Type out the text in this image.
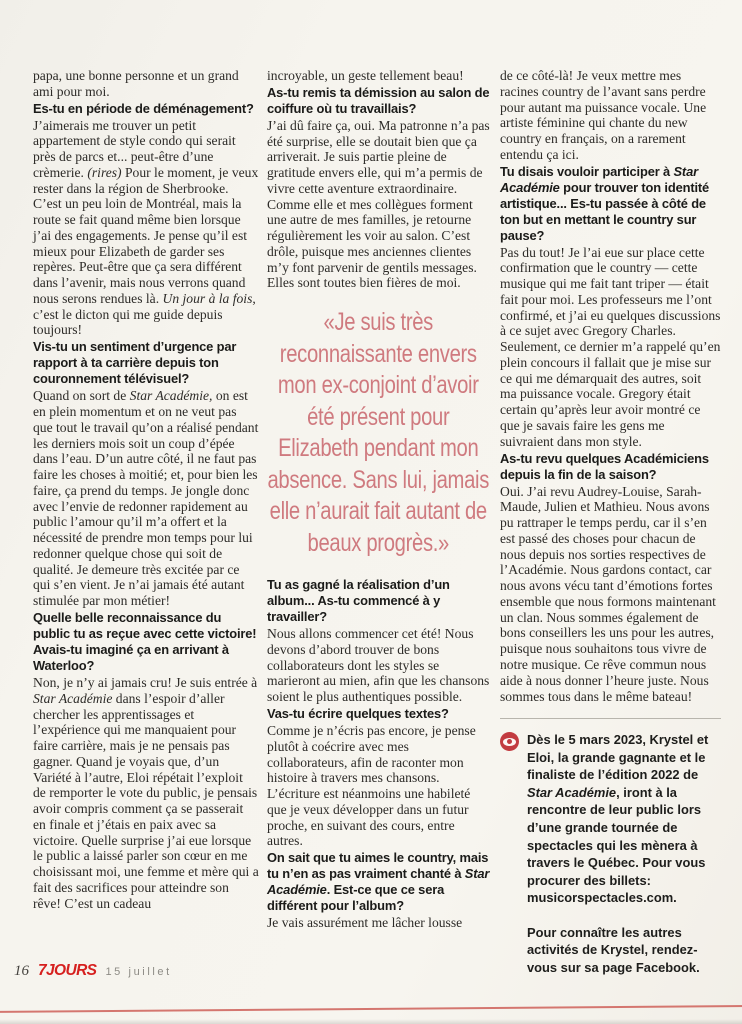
papa, une bonne personne et un grand ami pour moi.

Es-tu en période de déménagement?

J’aimerais me trouver un petit appartement de style condo qui serait près de parcs et... peut-être d’une crèmerie. (rires) Pour le moment, je veux rester dans la région de Sherbrooke. C’est un peu loin de Montréal, mais la route se fait quand même bien lorsque j’ai des engagements. Je pense qu’il est mieux pour Elizabeth de garder ses repères. Peut-être que ça sera différent dans l’avenir, mais nous verrons quand nous serons rendues là. Un jour à la fois, c’est le dicton qui me guide depuis toujours!

Vis-tu un sentiment d’urgence par rapport à ta carrière depuis ton couronnement télévisuel?

Quand on sort de Star Académie, on est en plein momentum et on ne veut pas que tout le travail qu’on a réalisé pendant les derniers mois soit un coup d’épée dans l’eau. D’un autre côté, il ne faut pas faire les choses à moitié; et, pour bien les faire, ça prend du temps. Je jongle donc avec l’envie de redonner rapidement au public l’amour qu’il m’a offert et la nécessité de prendre mon temps pour lui redonner quelque chose qui soit de qualité. Je demeure très excitée par ce qui s’en vient. Je n’ai jamais été autant stimulée par mon métier!

Quelle belle reconnaissance du public tu as reçue avec cette victoire! Avais-tu imaginé ça en arrivant à Waterloo?

Non, je n’y ai jamais cru! Je suis entrée à Star Académie dans l’espoir d’aller chercher les apprentissages et l’expérience qui me manquaient pour faire carrière, mais je ne pensais pas gagner. Quand je voyais que, d’un Variété à l’autre, Eloi répétait l’exploit de remporter le vote du public, je pensais avoir compris comment ça se passerait en finale et j’étais en paix avec sa victoire. Quelle surprise j’ai eue lorsque le public a laissé parler son cœur en me choisissant moi, une femme et mère qui a fait des sacrifices pour atteindre son rêve! C’est un cadeau

incroyable, un geste tellement beau!

As-tu remis ta démission au salon de coiffure où tu travaillais?

J’ai dû faire ça, oui. Ma patronne n’a pas été surprise, elle se doutait bien que ça arriverait. Je suis partie pleine de gratitude envers elle, qui m’a permis de vivre cette aventure extraordinaire. Comme elle et mes collègues forment une autre de mes familles, je retourne régulièrement les voir au salon. C’est drôle, puisque mes anciennes clientes m’y font parvenir de gentils messages. Elles sont toutes bien fières de moi.

«Je suis très reconnaissante envers mon ex-conjoint d’avoir été présent pour Elizabeth pendant mon absence. Sans lui, jamais elle n’aurait fait autant de beaux progrès.»

Tu as gagné la réalisation d’un album... As-tu commencé à y travailler?

Nous allons commencer cet été! Nous devons d’abord trouver de bons collaborateurs dont les styles se marieront au mien, afin que les chansons soient le plus authentiques possible.

Vas-tu écrire quelques textes?

Comme je n’écris pas encore, je pense plutôt à coécrire avec mes collaborateurs, afin de raconter mon histoire à travers mes chansons. L’écriture est néanmoins une habileté que je veux développer dans un futur proche, en suivant des cours, entre autres.

On sait que tu aimes le country, mais tu n’en as pas vraiment chanté à Star Académie. Est-ce que ce sera différent pour l’album?

Je vais assurément me lâcher lousse

de ce côté-là! Je veux mettre mes racines country de l’avant sans perdre pour autant ma puissance vocale. Une artiste féminine qui chante du new country en français, on a rarement entendu ça ici.

Tu disais vouloir participer à Star Académie pour trouver ton identité artistique... Es-tu passée à côté de ton but en mettant le country sur pause?

Pas du tout! Je l’ai eue sur place cette confirmation que le country — cette musique qui me fait tant triper — était fait pour moi. Les professeurs me l’ont confirmé, et j’ai eu quelques discussions à ce sujet avec Gregory Charles. Seulement, ce dernier m’a rappelé qu’en plein concours il fallait que je mise sur ce qui me démarquait des autres, soit ma puissance vocale. Gregory était certain qu’après leur avoir montré ce que je savais faire les gens me suivraient dans mon style.

As-tu revu quelques Académiciens depuis la fin de la saison?

Oui. J’ai revu Audrey-Louise, Sarah-Maude, Julien et Mathieu. Nous avons pu rattraper le temps perdu, car il s’en est passé des choses pour chacun de nous depuis nos sorties respectives de l’Académie. Nous gardons contact, car nous avons vécu tant d’émotions fortes ensemble que nous formons maintenant un clan. Nous sommes également de bons conseillers les uns pour les autres, puisque nous souhaitons tous vivre de notre musique. Ce rêve commun nous aide à nous donner l’heure juste. Nous sommes tous dans le même bateau!

Dès le 5 mars 2023, Krystel et Eloi, la grande gagnante et le finaliste de l’édition 2022 de Star Académie, iront à la rencontre de leur public lors d’une grande tournée de spectacles qui les mènera à travers le Québec. Pour vous procurer des billets: musicorspectacles.com.

Pour connaître les autres activités de Krystel, rendez-vous sur sa page Facebook.

16 7JOURS 15 juillet
